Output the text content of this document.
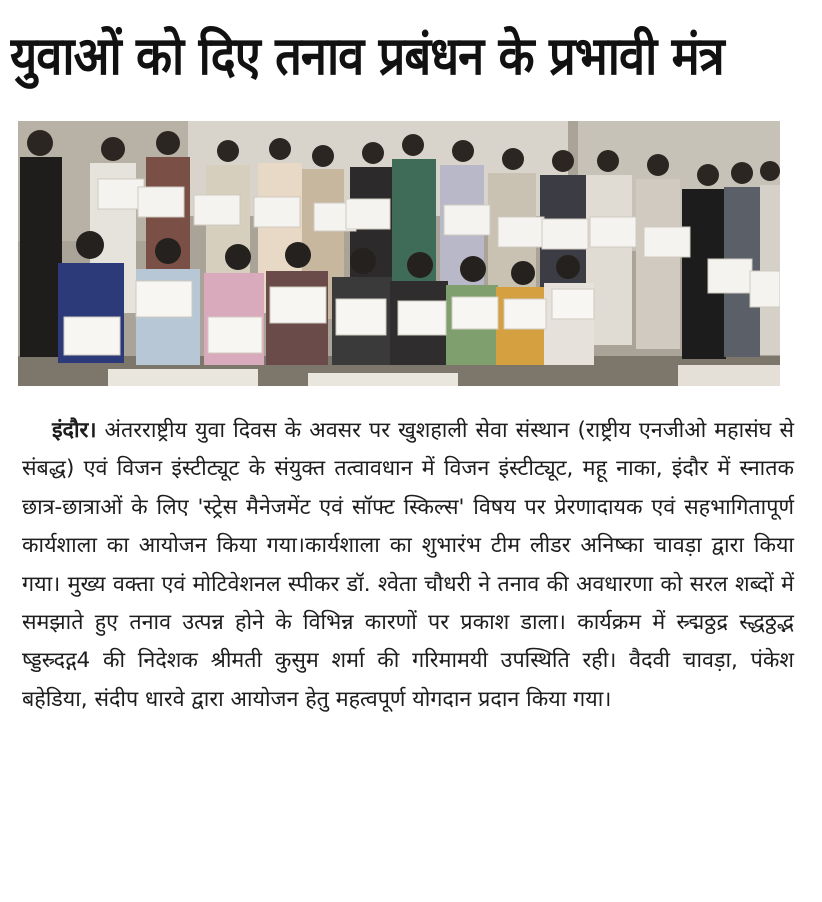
युवाओं को दिए तनाव प्रबंधन के प्रभावी मंत्र

इंदौर। अंतरराष्ट्रीय युवा दिवस के अवसर पर खुशहाली सेवा संस्थान (राष्ट्रीय एनजीओ महासंघ से संबद्ध) एवं विजन इंस्टीट्यूट के संयुक्त तत्वावधान में विजन इंस्टीट्यूट, महू नाका, इंदौर में स्नातक छात्र-छात्राओं के लिए 'स्ट्रेस मैनेजमेंट एवं सॉफ्ट स्किल्स' विषय पर प्रेरणादायक एवं सहभागितापूर्ण कार्यशाला का आयोजन किया गया।कार्यशाला का शुभारंभ टीम लीडर अनिष्का चावड़ा द्वारा किया गया। मुख्य वक्ता एवं मोटिवेशनल स्पीकर डॉ. श्वेता चौधरी ने तनाव की अवधारणा को सरल शब्दों में समझाते हुए तनाव उत्पन्न होने के विभिन्न कारणों पर प्रकाश डाला। कार्यक्रम में स्र्द्मठ्ठद्र स्द्धठ्ठद्भ ष्ड्डस्र्दद्ग4 की निदेशक श्रीमती कुसुम शर्मा की गरिमामयी उपस्थिति रही। वैदवी चावड़ा, पंकेश बहेडिया, संदीप धारवे द्वारा आयोजन हेतु महत्वपूर्ण योगदान प्रदान किया गया।
